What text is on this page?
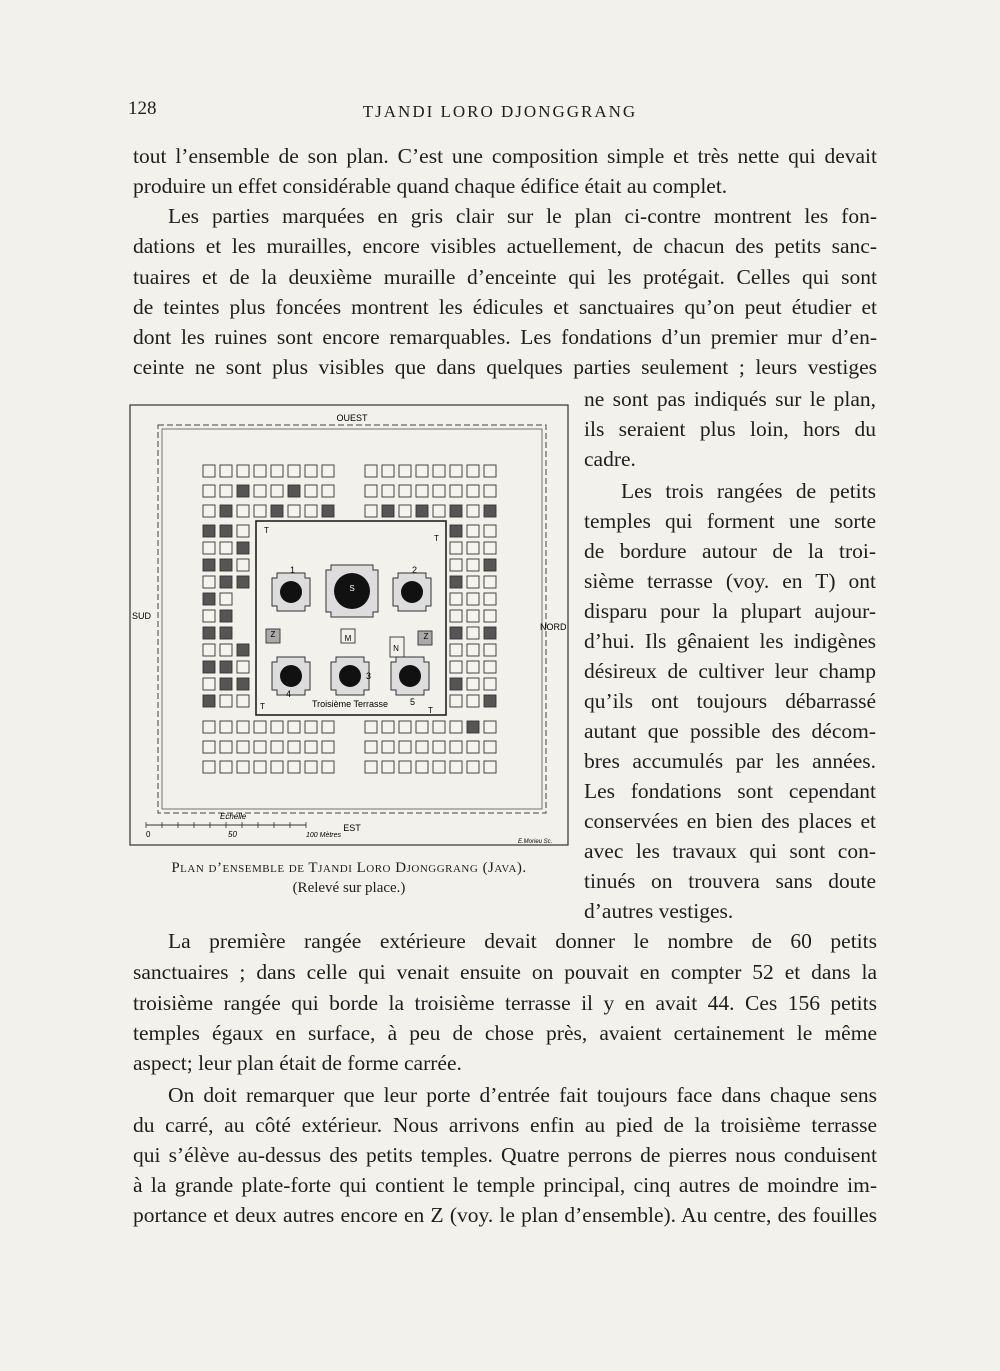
128	TJANDI LORO DJONGGRANG
tout l’ensemble de son plan. C’est une composition simple et très nette qui devait
produire un effet considérable quand chaque édifice était au complet.
Les parties marquées en gris clair sur le plan ci-contre montrent les fon-
dations et les murailles, encore visibles actuellement, de chacun des petits sanc-
tuaires et de la deuxième muraille d’enceinte qui les protégait. Celles qui sont
de teintes plus foncées montrent les édicules et sanctuaires qu’on peut étudier et
dont les ruines sont encore remarquables. Les fondations d’un premier mur d’en-
ceinte ne sont plus visibles que dans quelques parties seulement ; leurs vestiges
ne sont pas indiqués sur le plan,
ils seraient plus loin, hors du
cadre.
Les trois rangées de petits
temples qui forment une sorte
de bordure autour de la troi-
sième terrasse (voy. en T) ont
disparu pour la plupart aujour-
d’hui. Ils gênaient les indigènes
désireux de cultiver leur champ
qu’ils ont toujours débarrassé
autant que possible des décom-
bres accumulés par les années.
Les fondations sont cependant
conservées en bien des places et
avec les travaux qui sont con-
tinués on trouvera sans doute
d’autres vestiges.
OUEST
EST
SUD
NORD
Troisième Terrasse
T
T
T	T
M
Z	Z
N
S
1	2
3
4
5
Echelle
0	50	100 Mètres
E.Morieu Sc.
Plan d’ensemble de Tjandi Loro Djonggrang (Java).
(Relevé sur place.)
La première rangée extérieure devait donner le nombre de 60 petits
sanctuaires ; dans celle qui venait ensuite on pouvait en compter 52 et dans la
troisième rangée qui borde la troisième terrasse il y en avait 44. Ces 156 petits
temples égaux en surface, à peu de chose près, avaient certainement le même
aspect; leur plan était de forme carrée.
On doit remarquer que leur porte d’entrée fait toujours face dans chaque sens
du carré, au côté extérieur. Nous arrivons enfin au pied de la troisième terrasse
qui s’élève au-dessus des petits temples. Quatre perrons de pierres nous conduisent
à la grande plate-forte qui contient le temple principal, cinq autres de moindre im-
portance et deux autres encore en Z (voy. le plan d’ensemble). Au centre, des fouilles
